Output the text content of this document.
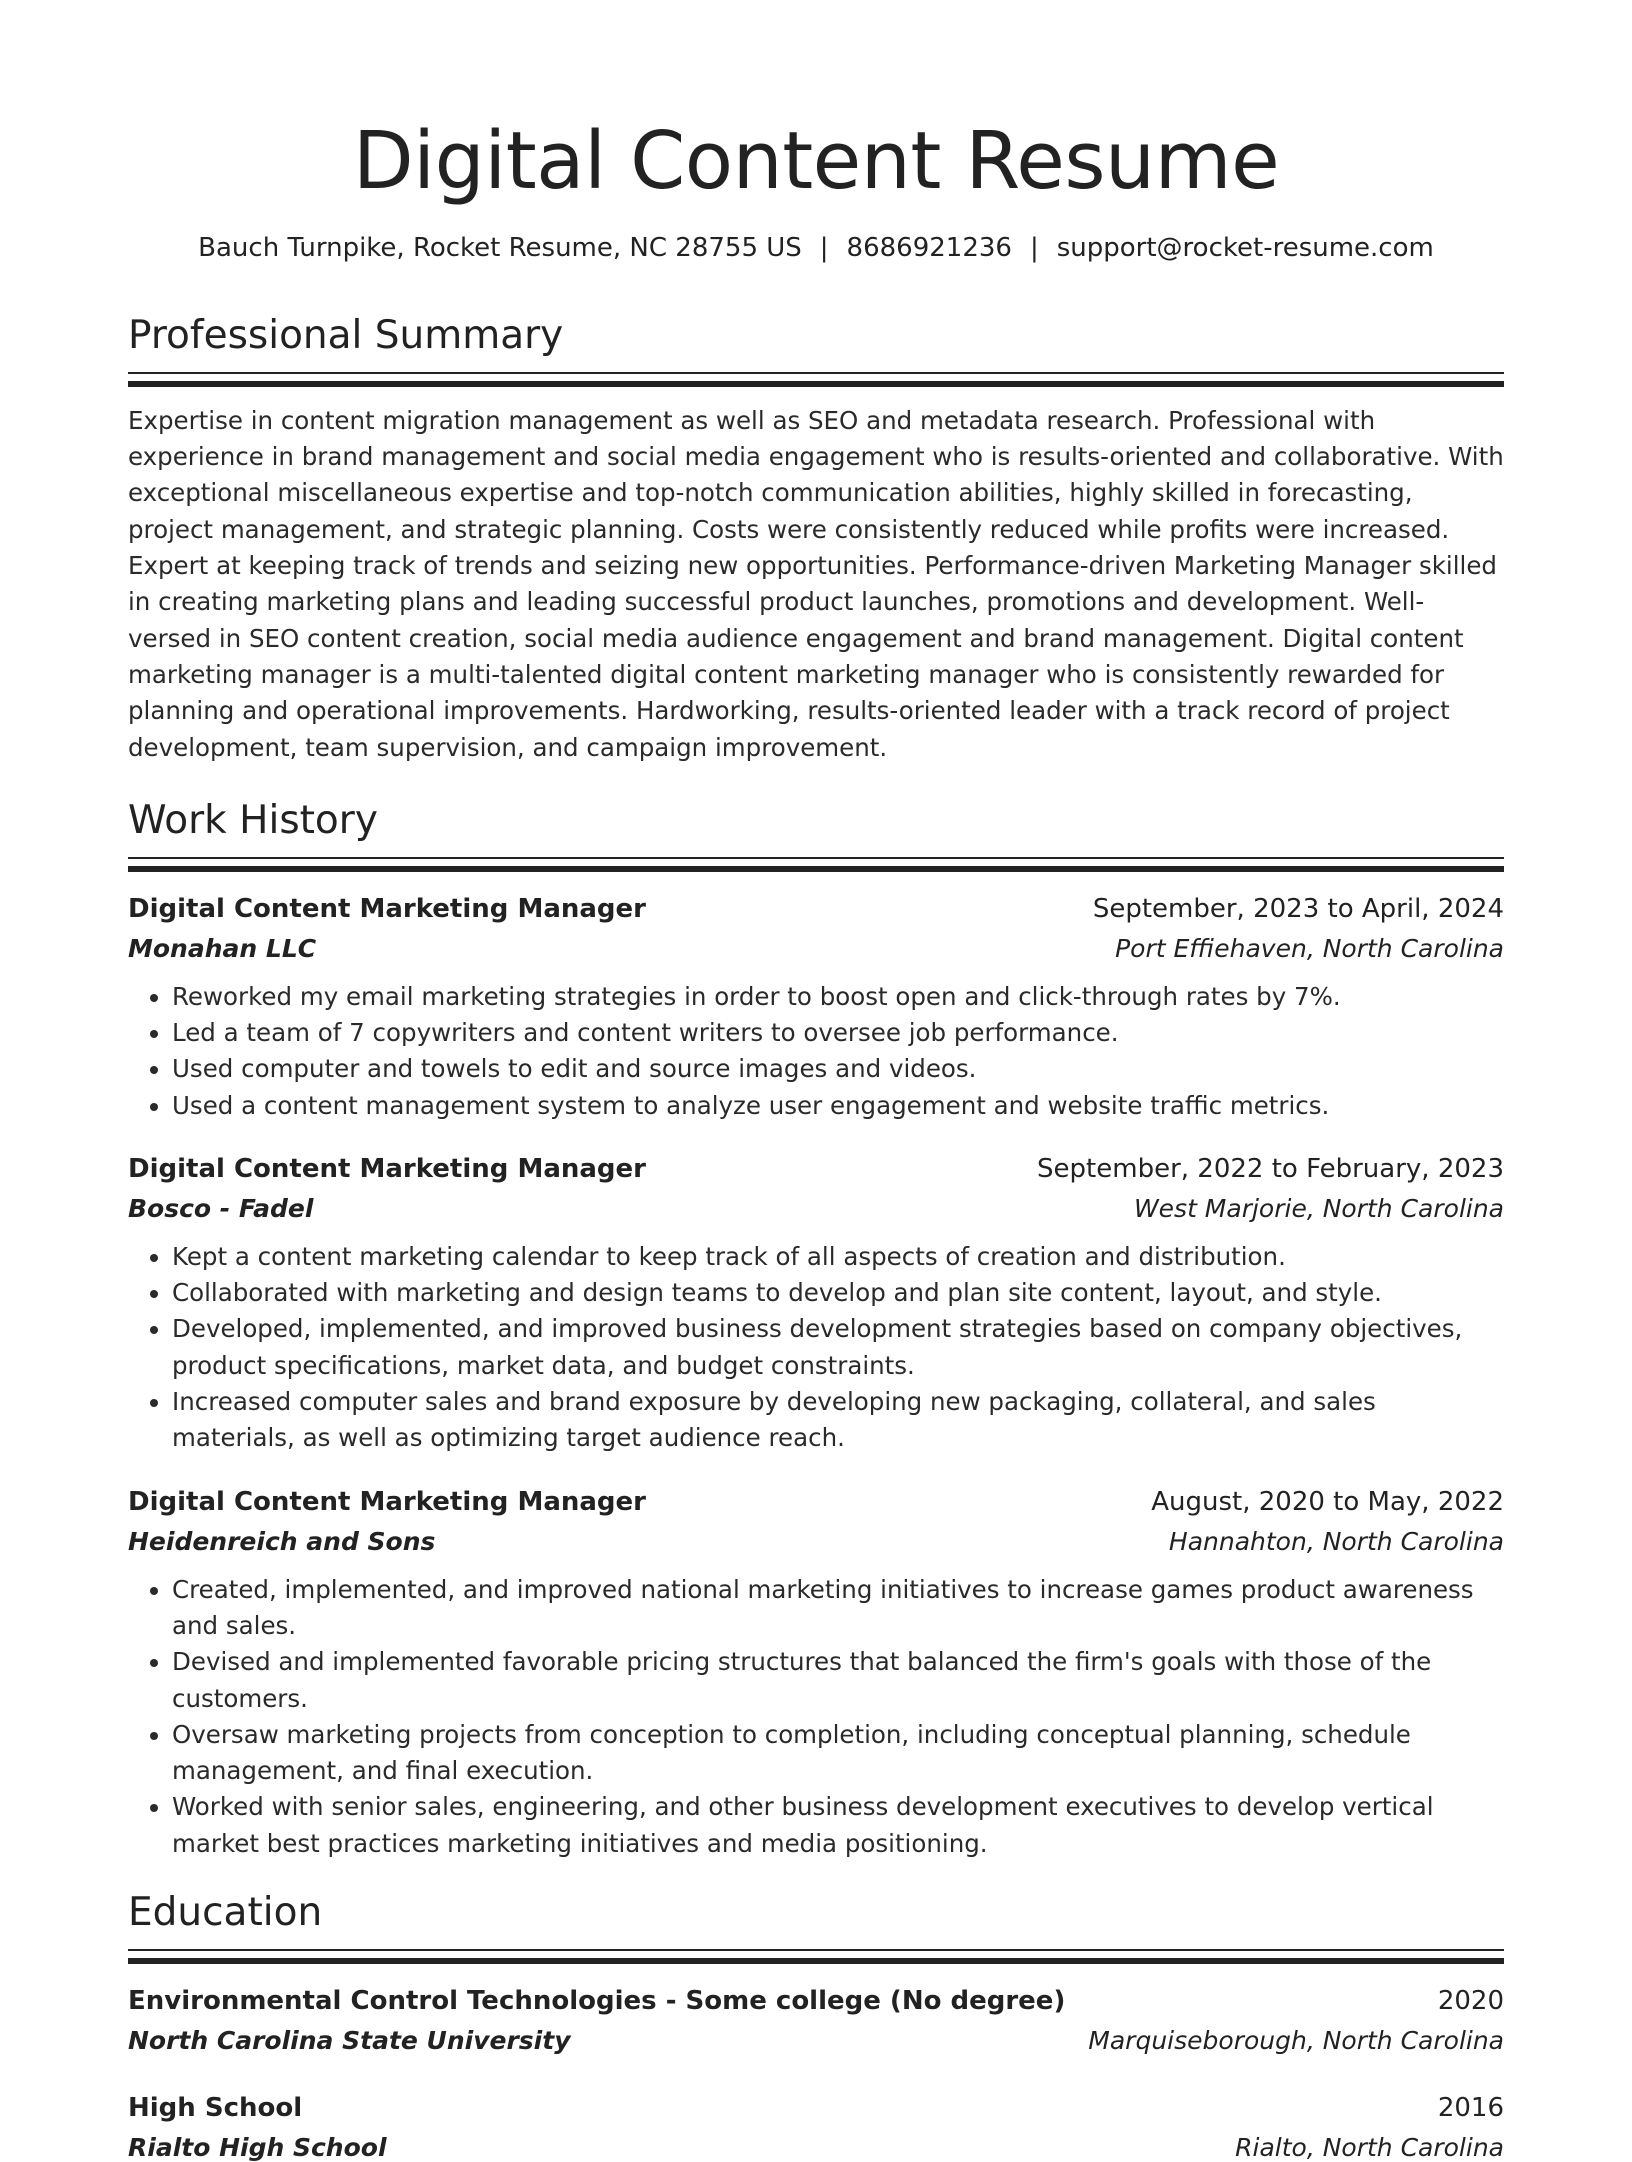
Digital Content Resume
Bauch Turnpike, Rocket Resume, NC 28755 US | 8686921236 | support@rocket-resume.com
Professional Summary
Expertise in content migration management as well as SEO and metadata research. Professional with experience in brand management and social media engagement who is results-oriented and collaborative. With exceptional miscellaneous expertise and top-notch communication abilities, highly skilled in forecasting, project management, and strategic planning. Costs were consistently reduced while profits were increased. Expert at keeping track of trends and seizing new opportunities. Performance-driven Marketing Manager skilled in creating marketing plans and leading successful product launches, promotions and development. Well-versed in SEO content creation, social media audience engagement and brand management. Digital content marketing manager is a multi-talented digital content marketing manager who is consistently rewarded for planning and operational improvements. Hardworking, results-oriented leader with a track record of project development, team supervision, and campaign improvement.
Work History
Digital Content Marketing Manager	September, 2023 to April, 2024
Monahan LLC	Port Effiehaven, North Carolina
• Reworked my email marketing strategies in order to boost open and click-through rates by 7%.
• Led a team of 7 copywriters and content writers to oversee job performance.
• Used computer and towels to edit and source images and videos.
• Used a content management system to analyze user engagement and website traffic metrics.
Digital Content Marketing Manager	September, 2022 to February, 2023
Bosco - Fadel	West Marjorie, North Carolina
• Kept a content marketing calendar to keep track of all aspects of creation and distribution.
• Collaborated with marketing and design teams to develop and plan site content, layout, and style.
• Developed, implemented, and improved business development strategies based on company objectives, product specifications, market data, and budget constraints.
• Increased computer sales and brand exposure by developing new packaging, collateral, and sales materials, as well as optimizing target audience reach.
Digital Content Marketing Manager	August, 2020 to May, 2022
Heidenreich and Sons	Hannahton, North Carolina
• Created, implemented, and improved national marketing initiatives to increase games product awareness and sales.
• Devised and implemented favorable pricing structures that balanced the firm's goals with those of the customers.
• Oversaw marketing projects from conception to completion, including conceptual planning, schedule management, and final execution.
• Worked with senior sales, engineering, and other business development executives to develop vertical market best practices marketing initiatives and media positioning.
Education
Environmental Control Technologies - Some college (No degree)	2020
North Carolina State University	Marquiseborough, North Carolina
High School	2016
Rialto High School	Rialto, North Carolina
